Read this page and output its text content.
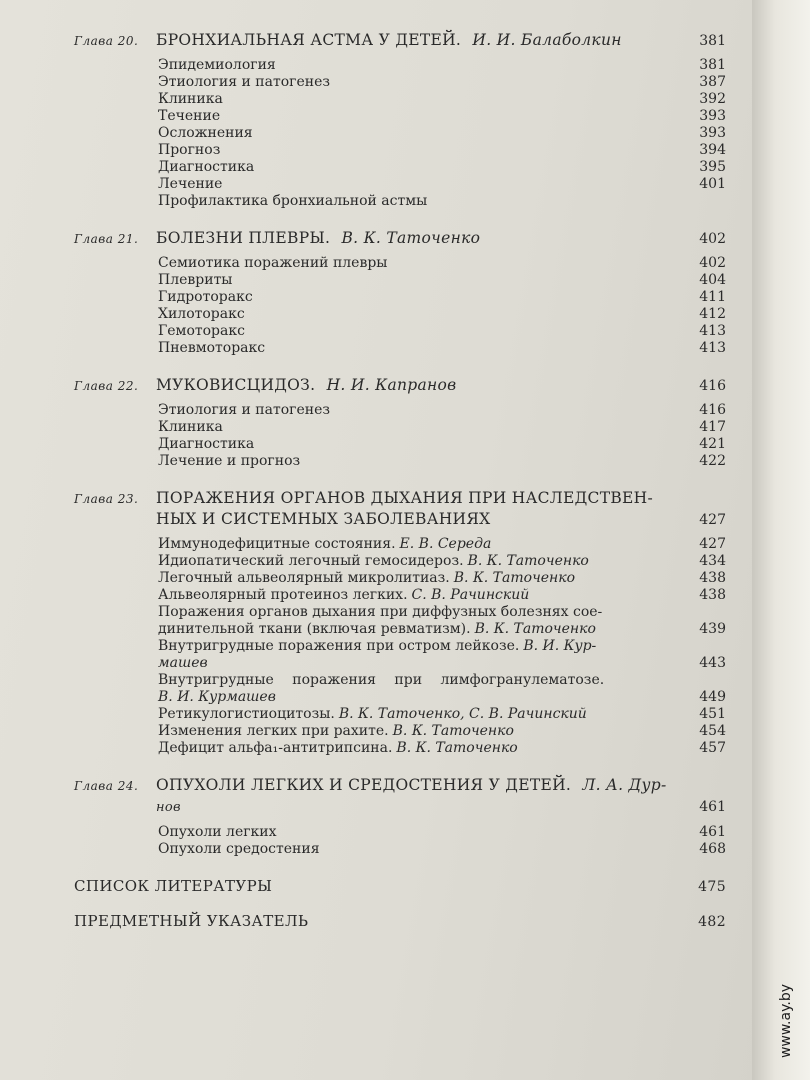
Глава 20.	БРОНХИАЛЬНАЯ АСТМА У ДЕТЕЙ. И. И. Балаболкин	381
Эпидемиология	381
Этиология и патогенез	387
Клиника	392
Течение	393
Осложнения	393
Прогноз	394
Диагностика	395
Лечение	401
Профилактика бронхиальной астмы
Глава 21.	БОЛЕЗНИ ПЛЕВРЫ. В. К. Таточенко	402
Семиотика поражений плевры	402
Плевриты	404
Гидроторакс	411
Хилоторакс	412
Гемоторакс	413
Пневмоторакс	413
Глава 22.	МУКОВИСЦИДОЗ. Н. И. Капранов	416
Этиология и патогенез	416
Клиника	417
Диагностика	421
Лечение и прогноз	422
Глава 23.	ПОРАЖЕНИЯ ОРГАНОВ ДЫХАНИЯ ПРИ НАСЛЕДСТВЕН-
НЫХ И СИСТЕМНЫХ ЗАБОЛЕВАНИЯХ	427
Иммунодефицитные состояния. Е. В. Середа	427
Идиопатический легочный гемосидероз. В. К. Таточенко	434
Легочный альвеолярный микролитиаз. В. К. Таточенко	438
Альвеолярный протеиноз легких. С. В. Рачинский	438
Поражения органов дыхания при диффузных болезнях сое-
динительной ткани (включая ревматизм). В. К. Таточенко	439
Внутригрудные поражения при остром лейкозе. В. И. Кур-
машев	443
Внутригрудные поражения при лимфогранулематозе.
В. И. Курмашев	449
Ретикулогистиоцитозы. В. К. Таточенко, С. В. Рачинский	451
Изменения легких при рахите. В. К. Таточенко	454
Дефицит альфа₁-антитрипсина. В. К. Таточенко	457
Глава 24.	ОПУХОЛИ ЛЕГКИХ И СРЕДОСТЕНИЯ У ДЕТЕЙ. Л. А. Дур-
нов	461
Опухоли легких	461
Опухоли средостения	468
СПИСОК ЛИТЕРАТУРЫ	475
ПРЕДМЕТНЫЙ УКАЗАТЕЛЬ	482
www.ay.by
